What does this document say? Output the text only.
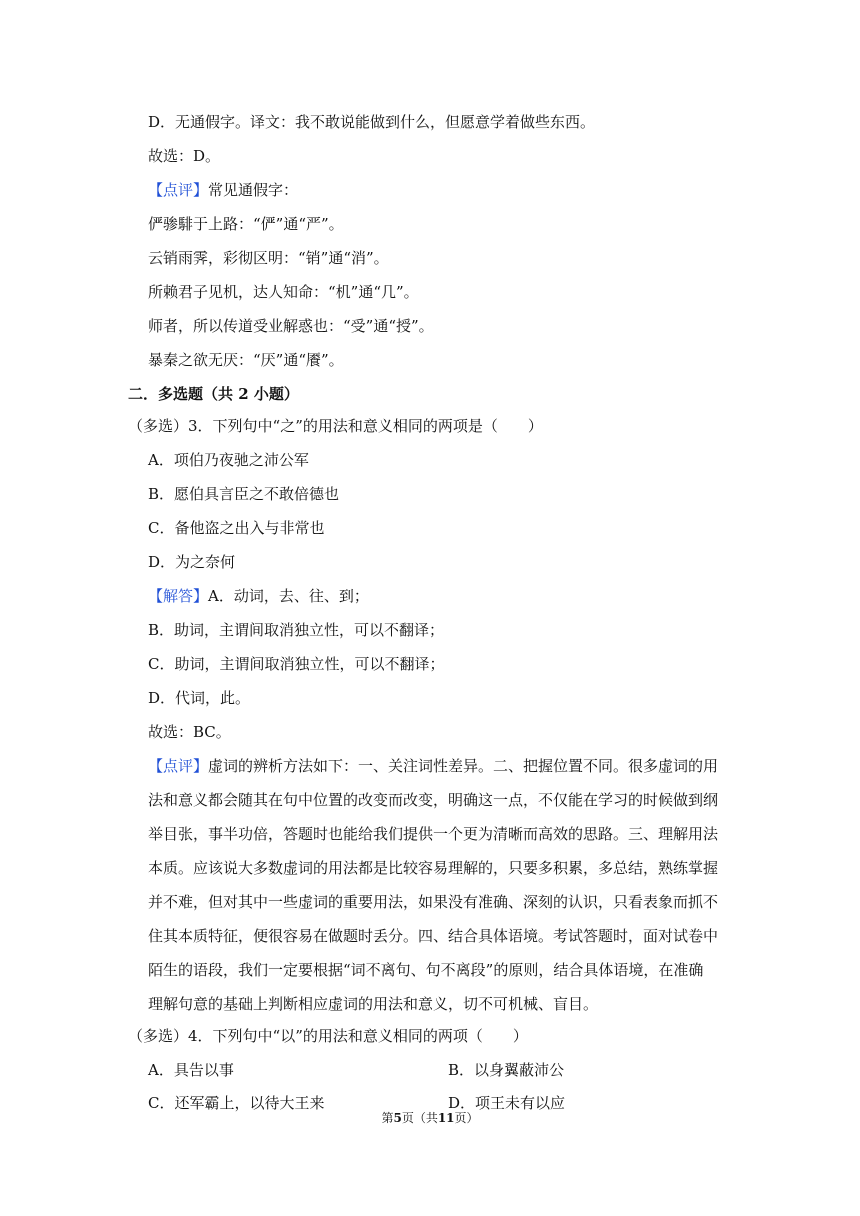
D．无通假字。译文：我不敢说能做到什么，但愿意学着做些东西。
故选：D。
【点评】常见通假字：
俨骖騑于上路：“俨”通“严”。
云销雨霁，彩彻区明：“销”通“消”。
所赖君子见机，达人知命：“机”通“几”。
师者，所以传道受业解惑也：“受”通“授”。
暴秦之欲无厌：“厌”通“餍”。
二．多选题（共 2 小题）
（多选）3．下列句中“之”的用法和意义相同的两项是（　　）
A．项伯乃夜驰之沛公军
B．愿伯具言臣之不敢倍德也
C．备他盗之出入与非常也
D．为之奈何
【解答】A．动词，去、往、到；
B．助词，主谓间取消独立性，可以不翻译；
C．助词，主谓间取消独立性，可以不翻译；
D．代词，此。
故选：BC。
【点评】虚词的辨析方法如下：一、关注词性差异。二、把握位置不同。很多虚词的用
法和意义都会随其在句中位置的改变而改变，明确这一点，不仅能在学习的时候做到纲
举目张，事半功倍，答题时也能给我们提供一个更为清晰而高效的思路。三、理解用法
本质。应该说大多数虚词的用法都是比较容易理解的，只要多积累，多总结，熟练掌握
并不难，但对其中一些虚词的重要用法，如果没有准确、深刻的认识，只看表象而抓不
住其本质特征，便很容易在做题时丢分。四、结合具体语境。考试答题时，面对试卷中
陌生的语段，我们一定要根据“词不离句、句不离段”的原则，结合具体语境，在准确
理解句意的基础上判断相应虚词的用法和意义，切不可机械、盲目。
（多选）4．下列句中“以”的用法和意义相同的两项（　　）
A．具告以事	B．以身翼蔽沛公
C．还军霸上，以待大王来	D．项王未有以应
第5页（共11页）
